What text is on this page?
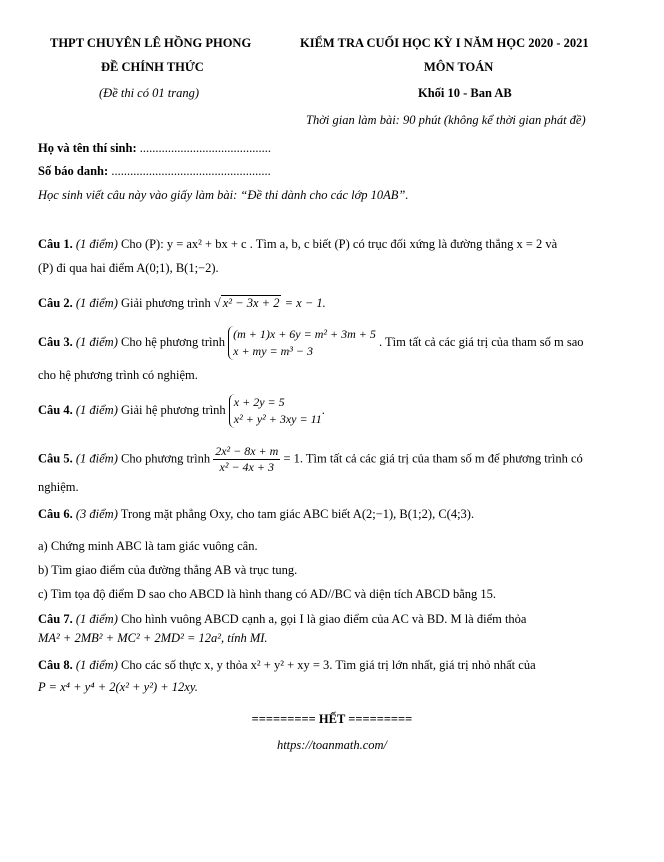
THPT CHUYÊN LÊ HỒNG PHONG
ĐỀ CHÍNH THỨC
(Đề thi có 01 trang)
KIỂM TRA CUỐI HỌC KỲ I NĂM HỌC 2020 - 2021
MÔN TOÁN
Khối 10 - Ban AB
Thời gian làm bài: 90 phút (không kể thời gian phát đề)
Họ và tên thí sinh: ..........................................
Số báo danh: ...................................................
Học sinh viết câu này vào giấy làm bài: “Đề thi dành cho các lớp 10AB”.
Câu 1. (1 điểm) Cho (P): y = ax² + bx + c . Tìm a, b, c biết (P) có trục đối xứng là đường thẳng x = 2 và
(P) đi qua hai điểm A(0;1), B(1;−2).
Câu 2. (1 điểm) Giải phương trình √ x² − 3x + 2 = x − 1.
Câu 3. (1 điểm) Cho hệ phương trình (m + 1)x + 6y = m² + 3m + 5
x + my = m³ − 3 . Tìm tất cả các giá trị của tham số m sao
cho hệ phương trình có nghiệm.
Câu 4. (1 điểm) Giải hệ phương trình x + 2y = 5
x² + y² + 3xy = 11.
Câu 5. (1 điểm) Cho phương trình $\frac{\text{2x² − 8x + m}}{\text{x² − 4x + 3}} = 1$. Tìm tất cả các giá trị của tham số m để phương trình có
nghiệm.
Câu 6. (3 điểm) Trong mặt phẳng Oxy, cho tam giác ABC biết A(2;−1), B(1;2), C(4;3).
a) Chứng minh ABC là tam giác vuông cân.
b) Tìm giao điểm của đường thẳng AB và trục tung.
c) Tìm tọa độ điểm D sao cho ABCD là hình thang có AD//BC và diện tích ABCD bằng 15.
Câu 7. (1 điểm) Cho hình vuông ABCD cạnh a, gọi I là giao điểm của AC và BD. M là điểm thỏa
MA² + 2MB² + MC² + 2MD² = 12a², tính MI.
Câu 8. (1 điểm) Cho các số thực x, y thỏa x² + y² + xy = 3. Tìm giá trị lớn nhất, giá trị nhỏ nhất của
P = x⁴ + y⁴ + 2(x² + y²) + 12xy.
========= HẾT =========
https://toanmath.com/
